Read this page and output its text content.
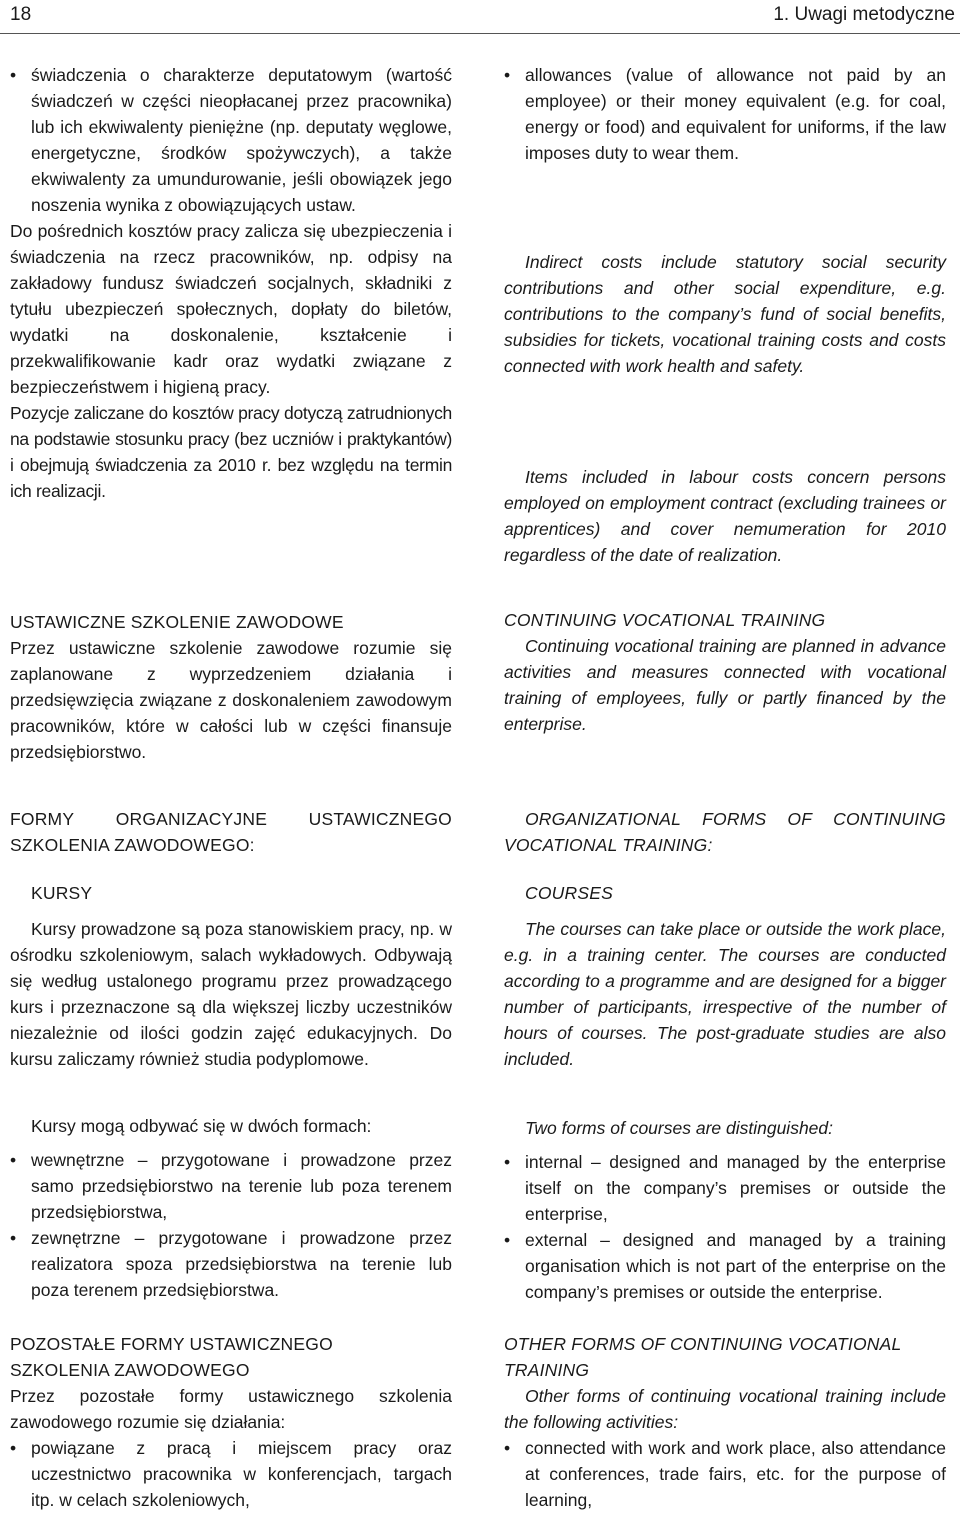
18	1. Uwagi metodyczne
• świadczenia o charakterze deputatowym (wartość świadczeń w części nieopłacanej przez pracownika) lub ich ekwiwalenty pieniężne (np. deputaty węglowe, energetyczne, środków spożywczych), a także ekwiwalenty za umundurowanie, jeśli obowiązek jego noszenia wynika z obowiązujących ustaw.

Do pośrednich kosztów pracy zalicza się ubezpieczenia i świadczenia na rzecz pracowników, np. odpisy na zakładowy fundusz świadczeń socjalnych, składniki z tytułu ubezpieczeń społecznych, dopłaty do biletów, wydatki na doskonalenie, kształcenie i przekwalifikowanie kadr oraz wydatki związane z bezpieczeństwem i higieną pracy.

Pozycje zaliczane do kosztów pracy dotyczą zatrudnionych na podstawie stosunku pracy (bez uczniów i praktykantów) i obejmują świadczenia za 2010 r. bez względu na termin ich realizacji.

USTAWICZNE SZKOLENIE ZAWODOWE

Przez ustawiczne szkolenie zawodowe rozumie się zaplanowane z wyprzedzeniem działania i przedsięwzięcia związane z doskonaleniem zawodowym pracowników, które w całości lub w części finansuje przedsiębiorstwo.

FORMY ORGANIZACYJNE USTAWICZNEGO
SZKOLENIA ZAWODOWEGO:
KURSY

Kursy prowadzone są poza stanowiskiem pracy, np. w ośrodku szkoleniowym, salach wykładowych. Odbywają się według ustalonego programu przez prowadzącego kurs i przeznaczone są dla większej liczby uczestników niezależnie od ilości godzin zajęć edukacyjnych. Do kursu zaliczamy również studia podyplomowe.

Kursy mogą odbywać się w dwóch formach:

• wewnętrzne – przygotowane i prowadzone przez samo przedsiębiorstwo na terenie lub poza terenem przedsiębiorstwa,
• zewnętrzne – przygotowane i prowadzone przez realizatora spoza przedsiębiorstwa na terenie lub poza terenem przedsiębiorstwa.
POZOSTAŁE FORMY USTAWICZNEGO
SZKOLENIA ZAWODOWEGO

Przez pozostałe formy ustawicznego szkolenia zawodowego rozumie się działania:

• powiązane z pracą i miejscem pracy oraz uczestnictwo pracownika w konferencjach, targach itp. w celach szkoleniowych,
• allowances (value of allowance not paid by an employee) or their money equivalent (e.g. for coal, energy or food) and equivalent for uniforms, if the law imposes duty to wear them.

Indirect costs include statutory social security contributions and other social expenditure, e.g. contributions to the company’s fund of social benefits, subsidies for tickets, vocational training costs and costs connected with work health and safety.

Items included in labour costs concern persons employed on employment contract (excluding trainees or apprentices) and cover nemumeration for 2010 regardless of the date of realization.

CONTINUING VOCATIONAL TRAINING

Continuing vocational training are planned in advance activities and measures connected with vocational training of employees, fully or partly financed by the enterprise.

ORGANIZATIONAL FORMS OF CONTINUING
VOCATIONAL TRAINING:
COURSES

The courses can take place or outside the work place, e.g. in a training center. The courses are conducted according to a programme and are designed for a bigger number of participants, irrespective of the number of hours of courses. The post-graduate studies are also included.

Two forms of courses are distinguished:

• internal – designed and managed by the enterprise itself on the company’s premises or outside the enterprise,
• external – designed and managed by a training organisation which is not part of the enterprise on the company’s premises or outside the enterprise.
OTHER FORMS OF CONTINUING VOCATIONAL
TRAINING

Other forms of continuing vocational training include the following activities:

• connected with work and work place, also attendance at conferences, trade fairs, etc. for the purpose of learning,
